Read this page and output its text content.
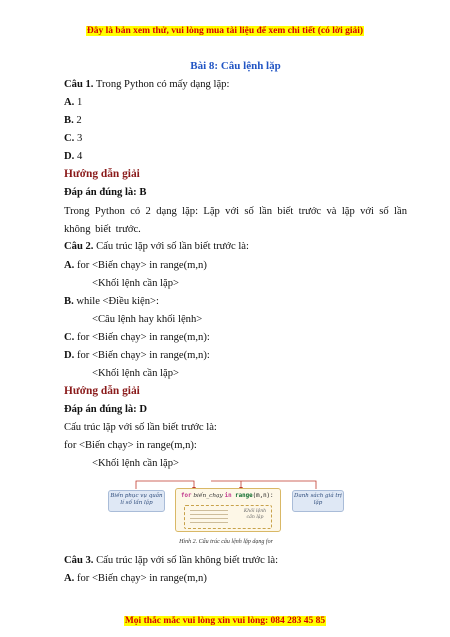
Đây là bản xem thử, vui lòng mua tài liệu để xem chi tiết (có lời giải)
Bài 8: Câu lệnh lặp
Câu 1. Trong Python có mấy dạng lặp:
A. 1
B. 2
C. 3
D. 4
Hướng dẫn giải
Đáp án đúng là: B
Trong Python có 2 dạng lặp: Lặp với số lần biết trước và lặp với số lần không biết trước.
Câu 2. Cấu trúc lặp với số lần biết trước là:
A. for <Biến chạy> in range(m,n)
<Khối lệnh cần lặp>
B. while <Điều kiện>:
<Câu lệnh hay khối lệnh>
C. for <Biến chạy> in range(m,n):
D. for <Biến chạy> in range(m,n):
<Khối lệnh cần lặp>
Hướng dẫn giải
Đáp án đúng là: D
Cấu trúc lặp với số lần biết trước là:
for <Biến chạy> in range(m,n):
<Khối lệnh cần lặp>
Câu 3. Cấu trúc lặp với số lần không biết trước là:
A. for <Biến chạy> in range(m,n)
Biến phục vụ quản lí số lần lặp
for biến_chạy in range(m,n):
Khối lệnh cần lặp
Danh sách giá trị lặp
Hình 2. Cấu trúc câu lệnh lặp dạng for
Mọi thắc mắc vui lòng xin vui lòng: 084 283 45 85
